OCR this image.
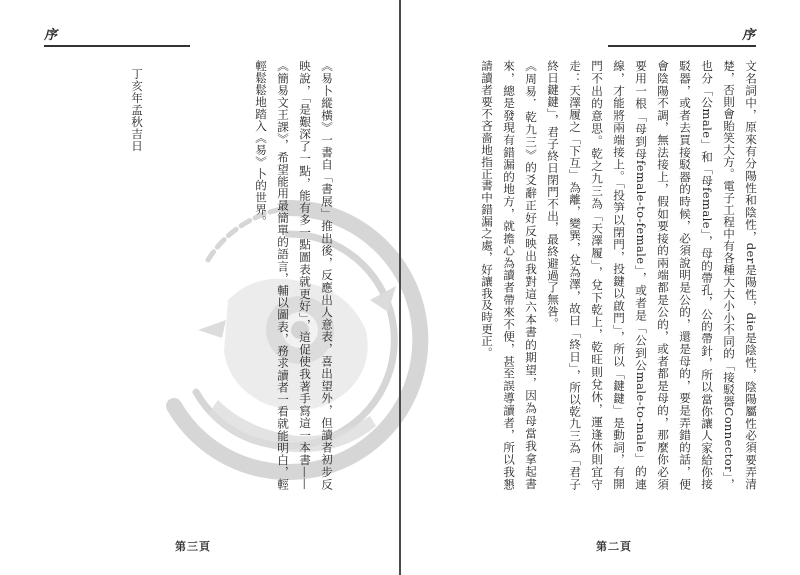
序

《易卜縱橫》一書自「書展」推出後，反應出人意表，喜出望外，但讀者初步反映說，「是艱深了一點，能有多一點圖表就更好」，這促使我著手寫這一本書——《簡易文王課》，希望能用最簡單的語言，輔以圖表，務求讀者一看就能明白，輕輕鬆鬆地踏入《易》卜的世界。

丁亥年孟秋吉日

第三頁
序

文名詞中，原來有分陽性和陰性，der是陽性，die是陰性，陰陽屬性必須要弄清楚，否則會貽笑大方。電子工程中有各種大大小小不同的「接駁器Connector」，也分「公male」和「母female」，母的帶孔，公的帶針，所以當你讓人家給你接駁器，或者去買接駁器的時候，必須說明是公的，還是母的，要是弄錯的話，便會陰陽不調，無法接上，假如要接的兩端都是公的，或者都是母的，那麼你必須要用一根「母到母female-to-female」，或者是「公到公male-to-male」的連線，才能將兩端接上。「投笋以閉門，投鍵以啟門」，所以「鍵鍵」是動詞，有開門不出的意思。乾之九三為「天澤履」，兌下乾上，乾旺則兌休，運逢休則宜守走：天澤履之「下互」為離，變巽，兌為澤，故曰「終日」，所以乾九三為「君子終日鍵鍵」，君子終日閉門不出，最終避過了無咎。

《周易．乾九三》的爻辭正好反映出我對這六本書的期望，因為母當我拿起書來，總是發現有錯漏的地方，就擔心為讀者帶來不便，甚至誤導讀者，所以我懇請讀者要不吝嗇地指正書中錯漏之處，好讓我及時更正。

第二頁
